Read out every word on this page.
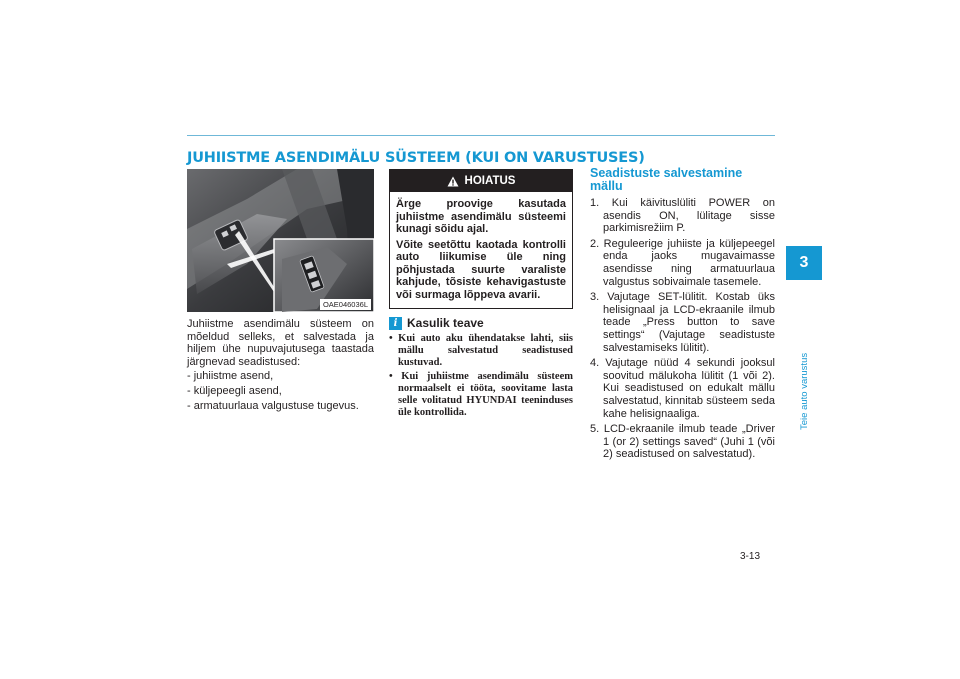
JUHIISTME ASENDIMÄLU SÜSTEEM (KUI ON VARUSTUSES)
OAE046036L

Juhiistme asendimälu süsteem on mõeldud selleks, et salvestada ja hiljem ühe nupuvajutusega taastada järgnevad seadistused:

- juhiistme asend,

- küljepeegli asend,

- armatuurlaua valgustuse tugevus.

HOIATUS

Ärge proovige kasutada juhiistme asendimälu süsteemi kunagi sõidu ajal.

Võite seetõttu kaotada kontrolli auto liikumise üle ning põhjustada suurte varaliste kahjude, tõsiste kehavigastuste või surmaga lõppeva avarii.

i Kasulik teave
• Kui auto aku ühendatakse lahti, siis mällu salvestatud seadistused kustuvad.
• Kui juhiistme asendimälu süsteem normaalselt ei tööta, soovitame lasta selle volitatud HYUNDAI teeninduses üle kontrollida.
Seadistuste salvestamine mällu
1. Kui käivituslüliti POWER on asendis ON, lülitage sisse parkimisrežiim P.
2. Reguleerige juhiiste ja küljepeegel enda jaoks mugavaimasse asendisse ning armatuurlaua valgustus sobivaimale tasemele.
3. Vajutage SET-lülitit. Kostab üks helisignaal ja LCD-ekraanile ilmub teade „Press button to save settings“ (Vajutage seadistuste salvestamiseks lülitit).
4. Vajutage nüüd 4 sekundi jooksul soovitud mälukoha lülitit (1 või 2). Kui seadistused on edukalt mällu salvestatud, kinnitab süsteem seda kahe helisignaaliga.
5. LCD-ekraanile ilmub teade „Driver 1 (or 2) settings saved“ (Juhi 1 (või 2) seadistused on salvestatud).
3
Teie auto varustus
3-13
